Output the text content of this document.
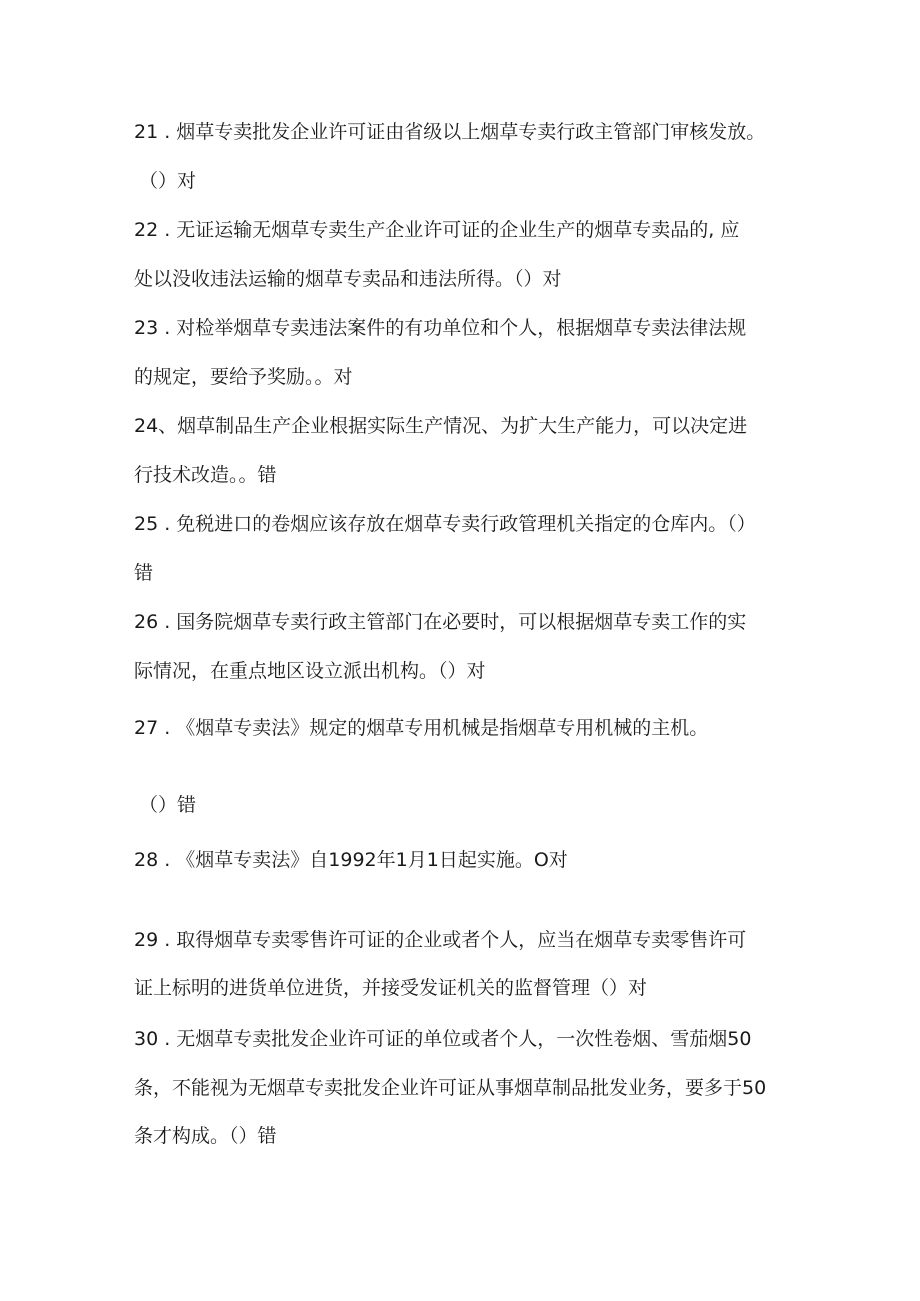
21 . 烟草专卖批发企业许可证由省级以上烟草专卖行政主管部门审核发放。
（）对
22 . 无证运输无烟草专卖生产企业许可证的企业生产的烟草专卖品的, 应
处以没收违法运输的烟草专卖品和违法所得。（）对
23 . 对检举烟草专卖违法案件的有功单位和个人，根据烟草专卖法律法规
的规定，要给予奖励。。对
24、烟草制品生产企业根据实际生产情况、为扩大生产能力，可以决定进
行技术改造。。错
25 . 免税进口的卷烟应该存放在烟草专卖行政管理机关指定的仓库内。（）
错
26 . 国务院烟草专卖行政主管部门在必要时，可以根据烟草专卖工作的实
际情况，在重点地区设立派出机构。（）对
27 . 《烟草专卖法》规定的烟草专用机械是指烟草专用机械的主机。
（）错
28 . 《烟草专卖法》自1992年1月1日起实施。O对
29 . 取得烟草专卖零售许可证的企业或者个人，应当在烟草专卖零售许可
证上标明的进货单位进货，并接受发证机关的监督管理（）对
30 . 无烟草专卖批发企业许可证的单位或者个人，一次性卷烟、雪茄烟50
条，不能视为无烟草专卖批发企业许可证从事烟草制品批发业务，要多于50
条才构成。（）错
